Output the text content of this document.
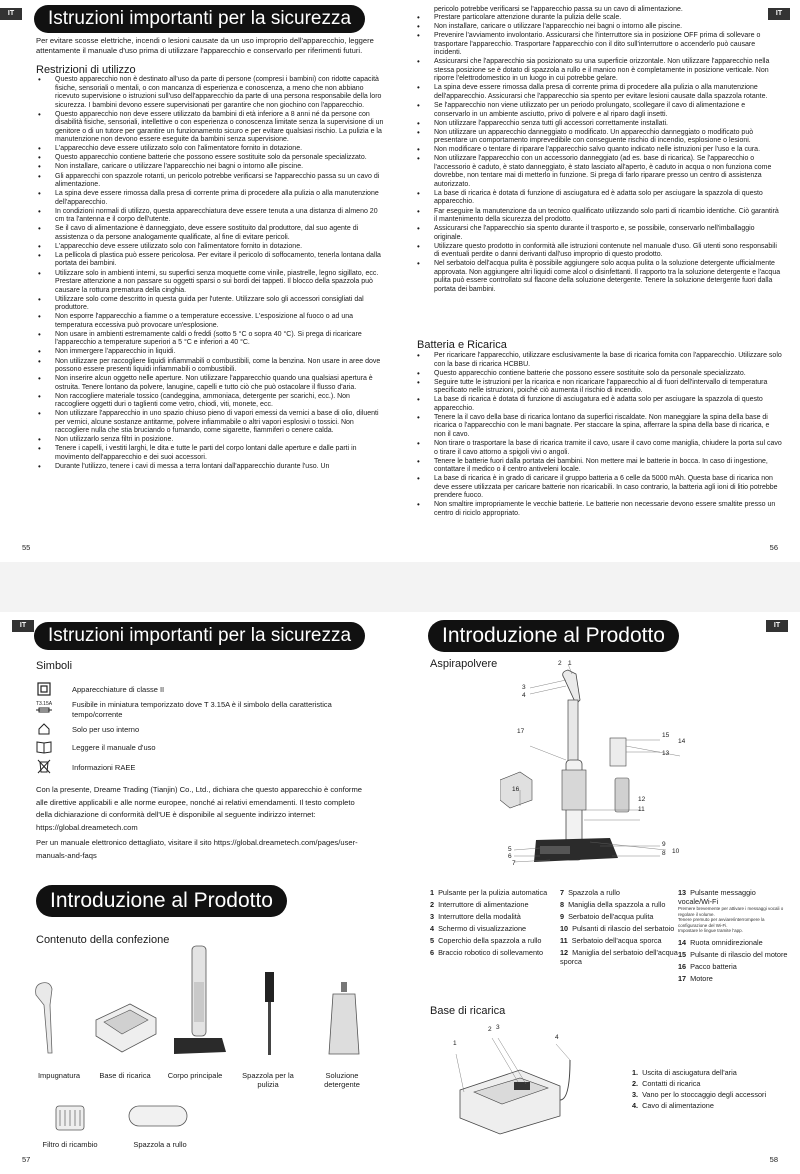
IT	Istruzioni importanti per la sicurezza
Per evitare scosse elettriche, incendi o lesioni causate da un uso improprio dell'apparecchio, leggere attentamente il manuale d'uso prima di utilizzare l'apparecchio e conservarlo per riferimenti futuri.
Restrizioni di utilizzo
• Questo apparecchio non è destinato all'uso da parte di persone (compresi i bambini) con ridotte capacità fisiche, sensoriali o mentali, o con mancanza di esperienza e conoscenza, a meno che non abbiano ricevuto supervisione o istruzioni sull'uso dell'apparecchio da parte di una persona responsabile della loro sicurezza. I bambini devono essere supervisionati per garantire che non giochino con l'apparecchio.
• Questo apparecchio non deve essere utilizzato da bambini di età inferiore a 8 anni né da persone con disabilità fisiche, sensoriali, intellettive o con esperienza o conoscenza limitate senza la supervisione di un genitore o di un tutore per garantire un funzionamento sicuro e per evitare qualsiasi rischio. La pulizia e la manutenzione non devono essere eseguite da bambini senza supervisione.
• L'apparecchio deve essere utilizzato solo con l'alimentatore fornito in dotazione.
• Questo apparecchio contiene batterie che possono essere sostituite solo da personale specializzato.
• Non installare, caricare o utilizzare l'apparecchio nei bagni o intorno alle piscine.
• Gli apparecchi con spazzole rotanti, un pericolo potrebbe verificarsi se l'apparecchio passa su un cavo di alimentazione.
• La spina deve essere rimossa dalla presa di corrente prima di procedere alla pulizia o alla manutenzione dell'apparecchio.
• In condizioni normali di utilizzo, questa apparecchiatura deve essere tenuta a una distanza di almeno 20 cm tra l'antenna e il corpo dell'utente.
• Se il cavo di alimentazione è danneggiato, deve essere sostituito dal produttore, dal suo agente di assistenza o da persone analogamente qualificate, al fine di evitare pericoli.
• L'apparecchio deve essere utilizzato solo con l'alimentatore fornito in dotazione.
• La pellicola di plastica può essere pericolosa. Per evitare il pericolo di soffocamento, tenerla lontana dalla portata dei bambini.
• Utilizzare solo in ambienti interni, su superfici senza moquette come vinile, piastrelle, legno sigillato, ecc. Prestare attenzione a non passare su oggetti sparsi o sui bordi dei tappeti. Il blocco della spazzola può causare la rottura prematura della cinghia.
• Utilizzare solo come descritto in questa guida per l'utente. Utilizzare solo gli accessori consigliati dal produttore.
• Non esporre l'apparecchio a fiamme o a temperature eccessive. L'esposizione al fuoco o ad una temperatura eccessiva può provocare un'esplosione.
• Non usare in ambienti estremamente caldi o freddi (sotto 5 °C o sopra 40 °C). Si prega di ricaricare l'apparecchio a temperature superiori a 5 °C e inferiori a 40 °C.
• Non immergere l'apparecchio in liquidi.
• Non utilizzare per raccogliere liquidi infiammabili o combustibili, come la benzina. Non usare in aree dove possono essere presenti liquidi infiammabili o combustibili.
• Non inserire alcun oggetto nelle aperture. Non utilizzare l'apparecchio quando una qualsiasi apertura è ostruita. Tenere lontano da polvere, lanugine, capelli e tutto ciò che può ostacolare il flusso d'aria.
• Non raccogliere materiale tossico (candeggina, ammoniaca, detergente per scarichi, ecc.). Non raccogliere oggetti duri o taglienti come vetro, chiodi, viti, monete, ecc.
• Non utilizzare l'apparecchio in uno spazio chiuso pieno di vapori emessi da vernici a base di olio, diluenti per vernici, alcune sostanze antitarme, polvere infiammabile o altri vapori esplosivi o tossici. Non raccogliere nulla che stia bruciando o fumando, come sigarette, fiammiferi o cenere calda.
• Non utilizzarlo senza filtri in posizione.
• Tenere i capelli, i vestiti larghi, le dita e tutte le parti del corpo lontani dalle aperture e dalle parti in movimento dell'apparecchio e dei suoi accessori.
• Durante l'utilizzo, tenere i cavi di messa a terra lontani dall'apparecchio durante l'uso. Un
55
IT
pericolo potrebbe verificarsi se l'apparecchio passa su un cavo di alimentazione.
• Prestare particolare attenzione durante la pulizia delle scale.
• Non installare, caricare o utilizzare l'apparecchio nei bagni o intorno alle piscine.
• Prevenire l'avviamento involontario. Assicurarsi che l'interruttore sia in posizione OFF prima di sollevare o trasportare l'apparecchio. Trasportare l'apparecchio con il dito sull'interruttore o accenderlo può causare incidenti.
• Assicurarsi che l'apparecchio sia posizionato su una superficie orizzontale. Non utilizzare l'apparecchio nella stessa posizione se è dotato di spazzola a rullo e il manico non è completamente in posizione verticale. Non riporre l'elettrodomestico in un luogo in cui potrebbe gelare.
• La spina deve essere rimossa dalla presa di corrente prima di procedere alla pulizia o alla manutenzione dell'apparecchio. Assicurarsi che l'apparecchio sia spento per evitare lesioni causate dalla spazzola rotante.
• Se l'apparecchio non viene utilizzato per un periodo prolungato, scollegare il cavo di alimentazione e conservarlo in un ambiente asciutto, privo di polvere e al riparo dagli insetti.
• Non utilizzare l'apparecchio senza tutti gli accessori correttamente installati.
• Non utilizzare un apparecchio danneggiato o modificato. Un apparecchio danneggiato o modificato può presentare un comportamento imprevedibile con conseguente rischio di incendio, esplosione o lesioni.
• Non modificare o tentare di riparare l'apparecchio salvo quanto indicato nelle istruzioni per l'uso e la cura.
• Non utilizzare l'apparecchio con un accessorio danneggiato (ad es. base di ricarica). Se l'apparecchio o l'accessorio è caduto, è stato danneggiato, è stato lasciato all'aperto, è caduto in acqua o non funziona come dovrebbe, non tentare mai di metterlo in funzione. Si prega di farlo riparare presso un centro di assistenza autorizzato.
• La base di ricarica è dotata di funzione di asciugatura ed è adatta solo per asciugare la spazzola di questo apparecchio.
• Far eseguire la manutenzione da un tecnico qualificato utilizzando solo parti di ricambio identiche. Ciò garantirà il mantenimento della sicurezza del prodotto.
• Assicurarsi che l'apparecchio sia spento durante il trasporto e, se possibile, conservarlo nell'imballaggio originale.
• Utilizzare questo prodotto in conformità alle istruzioni contenute nel manuale d'uso. Gli utenti sono responsabili di eventuali perdite o danni derivanti dall'uso improprio di questo prodotto.
• Nel serbatoio dell'acqua pulita è possibile aggiungere solo acqua pulita o la soluzione detergente ufficialmente approvata. Non aggiungere altri liquidi come alcol o disinfettanti. Il rapporto tra la soluzione detergente e l'acqua pulita può essere controllato sul flacone della soluzione detergente. Tenere la soluzione detergente fuori dalla portata dei bambini.
Batteria e Ricarica
• Per ricaricare l'apparecchio, utilizzare esclusivamente la base di ricarica fornita con l'apparecchio. Utilizzare solo con la base di ricarica HCBBU.
• Questo apparecchio contiene batterie che possono essere sostituite solo da personale specializzato.
• Seguire tutte le istruzioni per la ricarica e non ricaricare l'apparecchio al di fuori dell'intervallo di temperatura specificato nelle istruzioni, poiché ciò aumenta il rischio di incendio.
• La base di ricarica è dotata di funzione di asciugatura ed è adatta solo per asciugare la spazzola di questo apparecchio.
• Tenere la il cavo della base di ricarica lontano da superfici riscaldate. Non maneggiare la spina della base di ricarica o l'apparecchio con le mani bagnate. Per staccare la spina, afferrare la spina della base di ricarica, e non il cavo.
• Non tirare o trasportare la base di ricarica tramite il cavo, usare il cavo come maniglia, chiudere la porta sul cavo o tirare il cavo attorno a spigoli vivi o angoli.
• Tenere le batterie fuori dalla portata dei bambini. Non mettere mai le batterie in bocca. In caso di ingestione, contattare il medico o il centro antiveleni locale.
• La base di ricarica è in grado di caricare il gruppo batteria a 6 celle da 5000 mAh. Questa base di ricarica non deve essere utilizzata per caricare batterie non ricaricabili. In caso contrario, la batteria agli ioni di litio potrebbe prendere fuoco.
• Non smaltire impropriamente le vecchie batterie. Le batterie non necessarie devono essere smaltite presso un centro di riciclo appropriato.
56
IT	Istruzioni importanti per la sicurezza
Simboli
Apparecchiature di classe II
T3.15A	Fusibile in miniatura temporizzato dove T 3.15A è il simbolo della caratteristica tempo/corrente
Solo per uso interno
Leggere il manuale d'uso
Informazioni RAEE
Con la presente, Dreame Trading (Tianjin) Co., Ltd., dichiara che questo apparecchio è conforme alle direttive applicabili e alle norme europee, nonché ai relativi emendamenti. Il testo completo della dichiarazione di conformità dell'UE è disponibile al seguente indirizzo internet: https://global.dreametech.com
Per un manuale elettronico dettagliato, visitare il sito https://global.dreametech.com/pages/user-manuals-and-faqs
Introduzione al Prodotto
Contenuto della confezione
Impugnatura	Base di ricarica	Corpo principale	Spazzola per la pulizia
Soluzione detergente
Filtro di ricambio	Spazzola a rullo
57
IT
Introduzione al Prodotto
Aspirapolvere	2 1
3
4
5
6
7
8
9
10
11
12
13
14
15
16
17
1 Pulsante per la pulizia automatica
2 Interruttore di alimentazione
3 Interruttore della modalità
4 Schermo di visualizzazione
5 Coperchio della spazzola a rullo
6 Braccio robotico di sollevamento
7 Spazzola a rullo
8 Maniglia della spazzola a rullo
9 Serbatoio dell'acqua pulita
10 Pulsanti di rilascio del serbatoio
11 Serbatoio dell'acqua sporca
12 Maniglia del serbatoio dell'acqua sporca
13 Pulsante messaggio vocale/Wi-Fi
Premere brevemente per attivare i messaggi vocali o regolare il volume.
Tenere premuto per avviare/interrompere la configurazione del Wi-Fi.
Impostare le lingue tramite l'app.
14 Ruota omnidirezionale
15 Pulsante di rilascio del motore
16 Pacco batteria
17 Motore
Base di ricarica
1
2 3
4
1. Uscita di asciugatura dell'aria
2. Contatti di ricarica
3. Vano per lo stoccaggio degli accessori
4. Cavo di alimentazione
58
